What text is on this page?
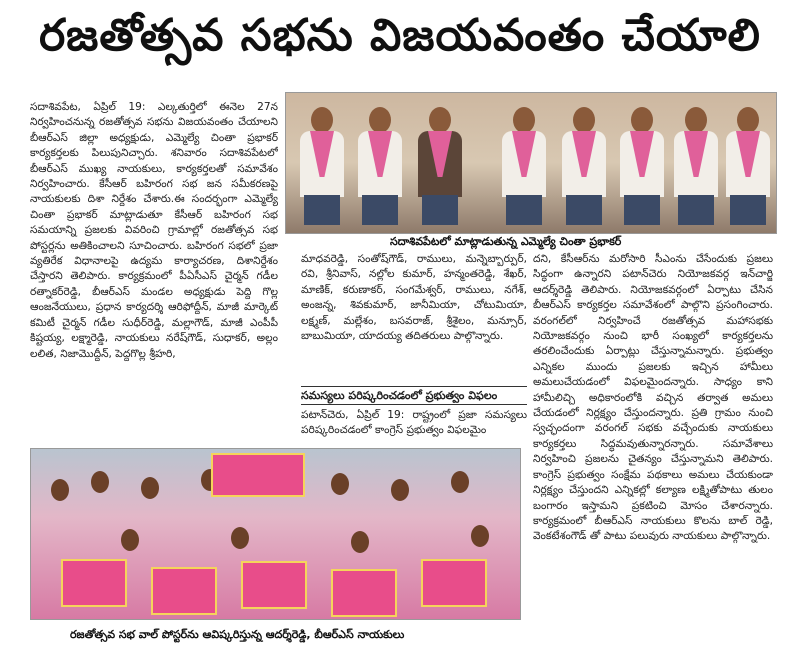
రజతోత్సవ సభను విజయవంతం చేయాలి

సదాశివపేట, ఏప్రిల్ 19: ఎల్కతుర్తిలో ఈనెల 27న నిర్వహించనున్న రజతోత్సవ సభను విజయవంతం చేయాలని బీఆర్ఎస్ జిల్లా అధ్యక్షుడు, ఎమ్మెల్యే చింతా ప్రభాకర్ కార్యకర్తలకు పిలుపునిచ్చారు. శనివారం సదాశివపేటలో బీఆర్ఎస్ ముఖ్య నాయకులు, కార్యకర్తలతో సమావేశం నిర్వహించారు. కేసీఆర్ బహిరంగ సభ జన సమీకరణపై నాయకులకు దిశా నిర్దేశం చేశారు.ఈ సందర్భంగా ఎమ్మెల్యే చింతా ప్రభాకర్ మాట్లాడుతూ కేసీఆర్ బహిరంగ సభ సమయాన్ని ప్రజలకు వివరించి గ్రామాల్లో రజతోత్సవ సభ పోస్టర్లను అతికించాలని సూచించారు. బహిరంగ సభలో ప్రజా వ్యతిరేక విధానాలపై ఉద్యమ కార్యాచరణ, దిశానిర్దేశం చేస్తారని తెలిపారు. కార్యక్రమంలో పీఏసీఎస్ చైర్మన్ గడీల రత్నాకర్‌రెడ్డి, బీఆర్ఎస్ మండల అధ్యక్షుడు పెద్ది గొల్ల ఆంజనేయులు, ప్రధాన కార్యదర్శి ఆరిఫోద్దీన్, మాజీ మార్కెట్ కమిటీ చైర్మన్ గడీల సుధీర్‌రెడ్డి, మల్లాగౌడ్, మాజీ ఎంపీపీ కిష్టయ్య, లక్ష్మారెడ్డి, నాయకులు నరేష్‌గౌడ్, సుధాకర్, అల్లం లలిత, నిజామొద్దీన్, పెద్దగొల్ల శ్రీహరి,

సదాశివపేటలో మాట్లాడుతున్న ఎమ్మెల్యే చింతా ప్రభాకర్

మాధవరెడ్డి, సంతోష్‌గౌడ్, రాములు, మన్నెబ్బార్పుర్, రవి, శ్రీనివాస్, నల్లోల కుమార్, హన్మంతరెడ్డి, శేఖర్, మాణిక్, కరుణాకర్, సంగమేశ్వర్, రాములు, నగేశ్, అంజన్న, శివకుమార్, జానీమియా, చోటుమియా, లక్ష్మణ్, మల్లేశం, బసవరాజ్, శ్రీశైలం, మన్సూర్, బాబుమియా, యాదయ్య తదితరులు పాల్గొన్నారు.

సమస్యలు పరిష్కరించడంలో ప్రభుత్వం విఫలం

పటాన్‌చెరు, ఏప్రిల్ 19: రాష్ట్రంలో ప్రజా సమస్యలు పరిష్కరించడంలో కాంగ్రెస్ ప్రభుత్వం విఫలమైం

దని, కేసీఆర్‌ను మరోసారి సీఎంను చేసేందుకు ప్రజలు సిద్ధంగా ఉన్నారని పటాన్‌చెరు నియోజకవర్గ ఇన్‌చార్జి ఆదర్శ్‌రెడ్డి తెలిపారు. నియోజకవర్గంలో ఏర్పాటు చేసిన బీఆర్ఎస్ కార్యకర్తల సమావేశంలో పాల్గొని ప్రసంగించారు. వరంగల్‌లో నిర్వహించే రజతోత్సవ మహాసభకు నియోజకవర్గం నుంచి భారీ సంఖ్యలో కార్యకర్తలను తరలించేందుకు ఏర్పాట్లు చేస్తున్నామన్నారు. ప్రభుత్వం ఎన్నికల ముందు ప్రజలకు ఇచ్చిన హామీలు అమలుచేయడంలో విఫలమైందన్నారు. సాధ్యం కాని హామీలిచ్చి అధికారంలోకి వచ్చిన తర్వాత అమలు చేయడంలో నిర్లక్ష్యం చేస్తుందన్నారు. ప్రతి గ్రామం నుంచి స్వచ్ఛందంగా వరంగల్ సభకు వచ్చేందుకు నాయకులు కార్యకర్తలు సిద్ధమవుతున్నారన్నారు. సమావేశాలు నిర్వహించి ప్రజలను చైతన్యం చేస్తున్నామని తెలిపారు. కాంగ్రెస్ ప్రభుత్వం సంక్షేమ పథకాలు అమలు చేయకుండా నిర్లక్ష్యం చేస్తుందని ఎన్నికల్లో కల్యాణ లక్ష్మితోపాటు తులం బంగారం ఇస్తామని ప్రకటించి మోసం చేశారన్నారు. కార్యక్రమంలో బీఆర్ఎస్ నాయకులు కొలను బాల్ రెడ్డి, వెంకటేశంగౌడ్ తో పాటు పలువురు నాయకులు పాల్గొన్నారు.

రజతోత్సవ సభ వాల్ పోస్టర్‌ను ఆవిష్కరిస్తున్న ఆదర్శ్‌రెడ్డి, బీఆర్ఎస్ నాయకులు
